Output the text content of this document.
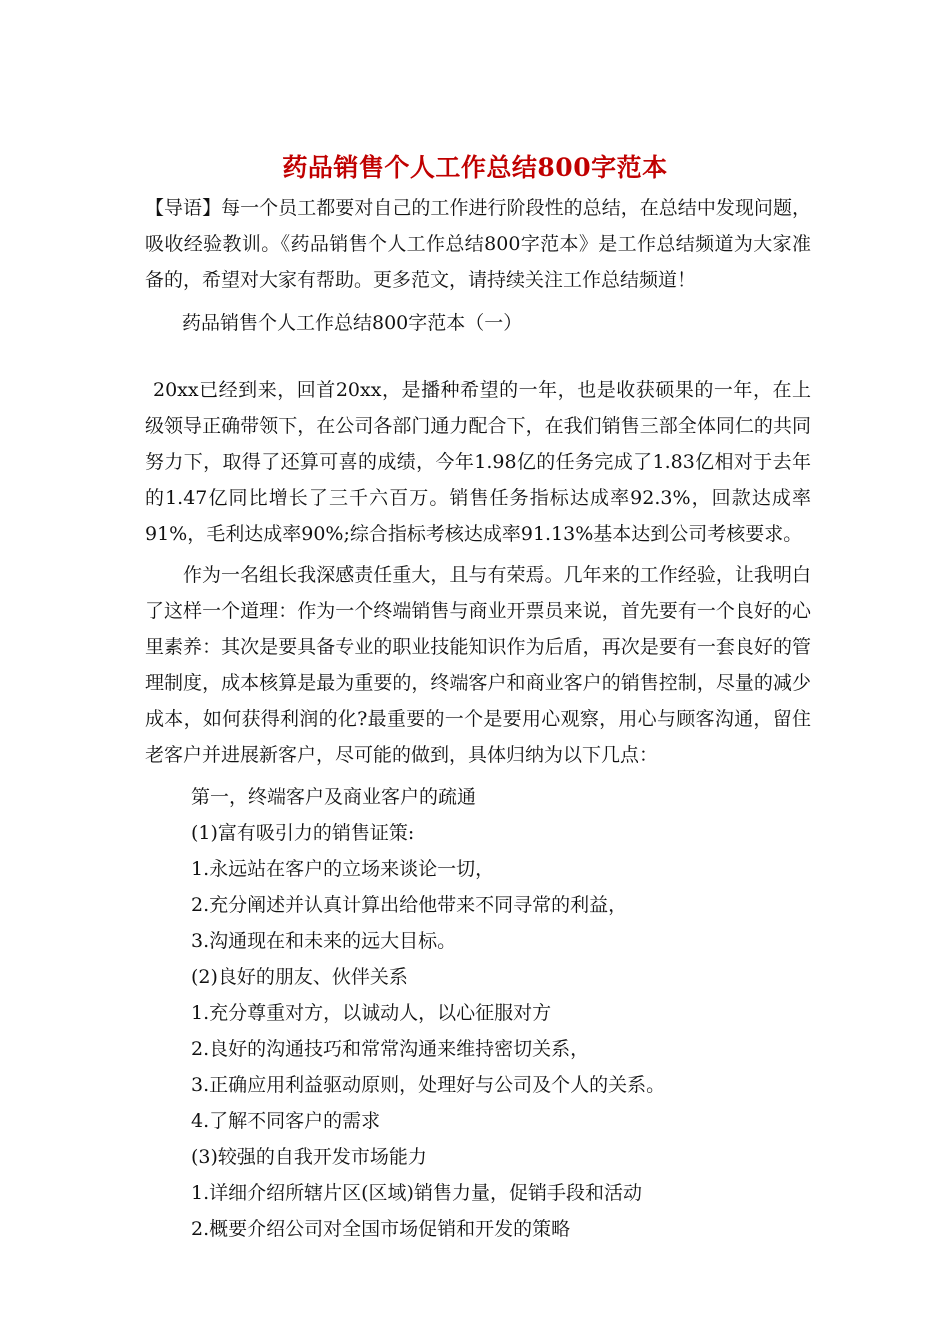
药品销售个人工作总结800字范本
【导语】每一个员工都要对自己的工作进行阶段性的总结，在总结中发现问题，吸收经验教训。《药品销售个人工作总结800字范本》是工作总结频道为大家准备的，希望对大家有帮助。更多范文，请持续关注工作总结频道！
药品销售个人工作总结800字范本（一）
20xx已经到来，回首20xx，是播种希望的一年，也是收获硕果的一年，在上级领导正确带领下，在公司各部门通力配合下，在我们销售三部全体同仁的共同努力下，取得了还算可喜的成绩，今年1.98亿的任务完成了1.83亿相对于去年的1.47亿同比增长了三千六百万。销售任务指标达成率92.3%，回款达成率91%，毛利达成率90%;综合指标考核达成率91.13%基本达到公司考核要求。
作为一名组长我深感责任重大，且与有荣焉。几年来的工作经验，让我明白了这样一个道理：作为一个终端销售与商业开票员来说，首先要有一个良好的心里素养：其次是要具备专业的职业技能知识作为后盾，再次是要有一套良好的管理制度，成本核算是最为重要的，终端客户和商业客户的销售控制，尽量的减少成本，如何获得利润的化?最重要的一个是要用心观察，用心与顾客沟通，留住老客户并进展新客户，尽可能的做到，具体归纳为以下几点：
第一，终端客户及商业客户的疏通
(1)富有吸引力的销售证策:
1.永远站在客户的立场来谈论一切，
2.充分阐述并认真计算出给他带来不同寻常的利益，
3.沟通现在和未来的远大目标。
(2)良好的朋友、伙伴关系
1.充分尊重对方，以诚动人，以心征服对方
2.良好的沟通技巧和常常沟通来维持密切关系，
3.正确应用利益驱动原则，处理好与公司及个人的关系。
4.了解不同客户的需求
(3)较强的自我开发市场能力
1.详细介绍所辖片区(区域)销售力量，促销手段和活动
2.概要介绍公司对全国市场促销和开发的策略
